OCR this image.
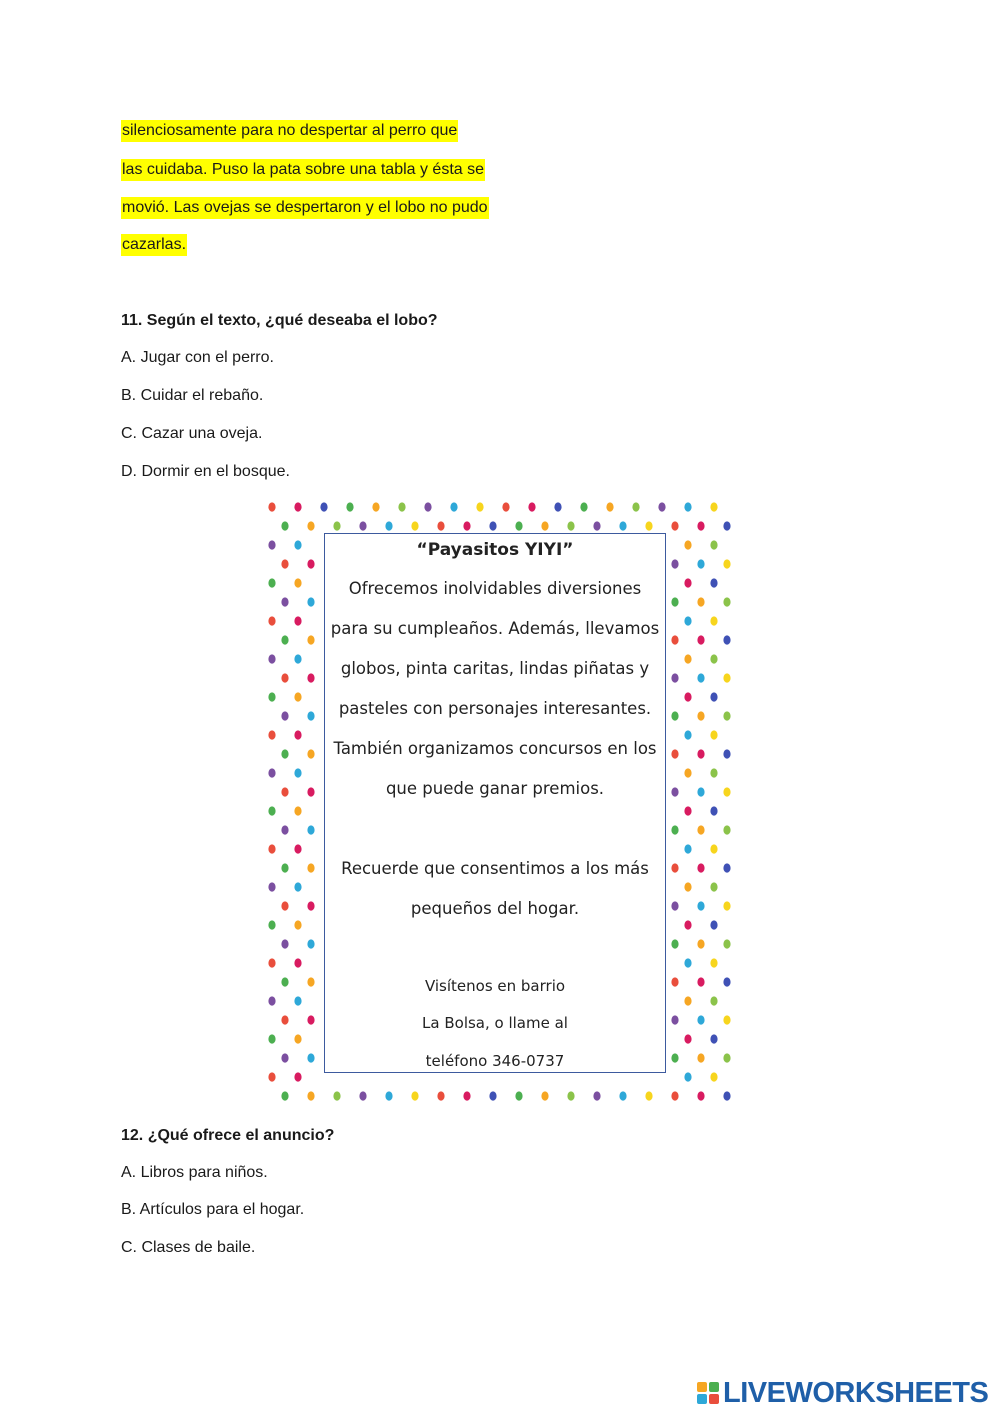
silenciosamente para no despertar al perro que
las cuidaba. Puso la pata sobre una tabla y ésta se
movió. Las ovejas se despertaron y el lobo no pudo
cazarlas.
11. Según el texto, ¿qué deseaba el lobo?
A. Jugar con el perro.
B. Cuidar el rebaño.
C. Cazar una oveja.
D. Dormir en el bosque.
“Payasitos YIYI”
Ofrecemos inolvidables diversiones
para su cumpleaños. Además, llevamos
globos, pinta caritas, lindas piñatas y
pasteles con personajes interesantes.
También organizamos concursos en los
que puede ganar premios.
Recuerde que consentimos a los más
pequeños del hogar.
Visítenos en barrio
La Bolsa, o llame al
teléfono 346-0737
12. ¿Qué ofrece el anuncio?
A. Libros para niños.
B. Artículos para el hogar.
C. Clases de baile.
LIVEWORKSHEETS
